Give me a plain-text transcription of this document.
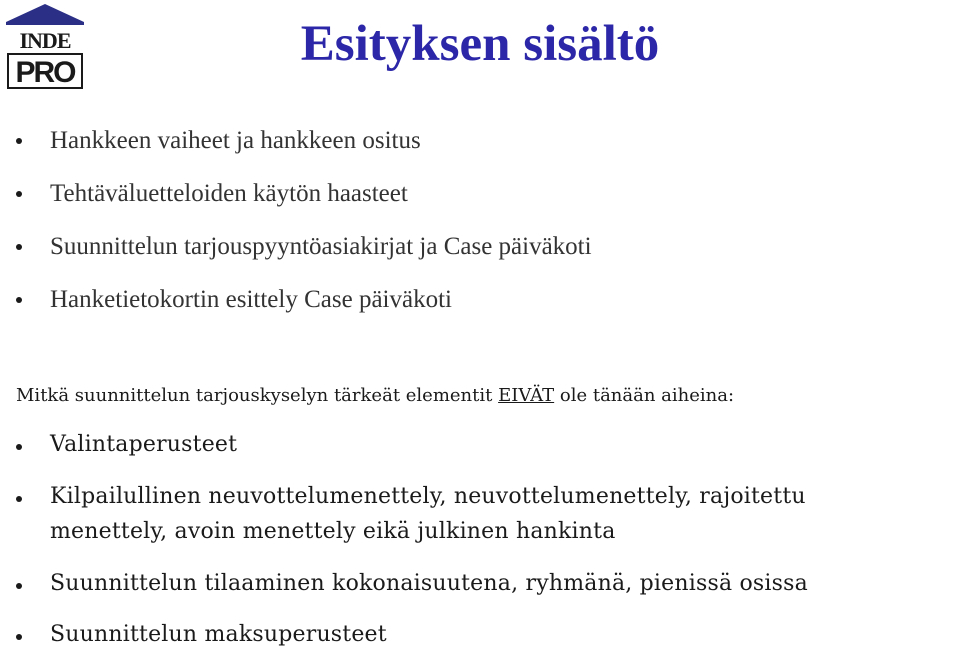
INDE
PRO
Esityksen sisältö
Hankkeen vaiheet ja hankkeen ositus
Tehtäväluetteloiden käytön haasteet
Suunnittelun tarjouspyyntöasiakirjat ja Case päiväkoti
Hanketietokortin esittely Case päiväkoti
Mitkä suunnittelun tarjouskyselyn tärkeät elementit EIVÄT ole tänään aiheina:
Valintaperusteet
Kilpailullinen neuvottelumenettely, neuvottelumenettely, rajoitettu
menettely, avoin menettely eikä julkinen hankinta
Suunnittelun tilaaminen kokonaisuutena, ryhmänä, pienissä osissa
Suunnittelun maksuperusteet
